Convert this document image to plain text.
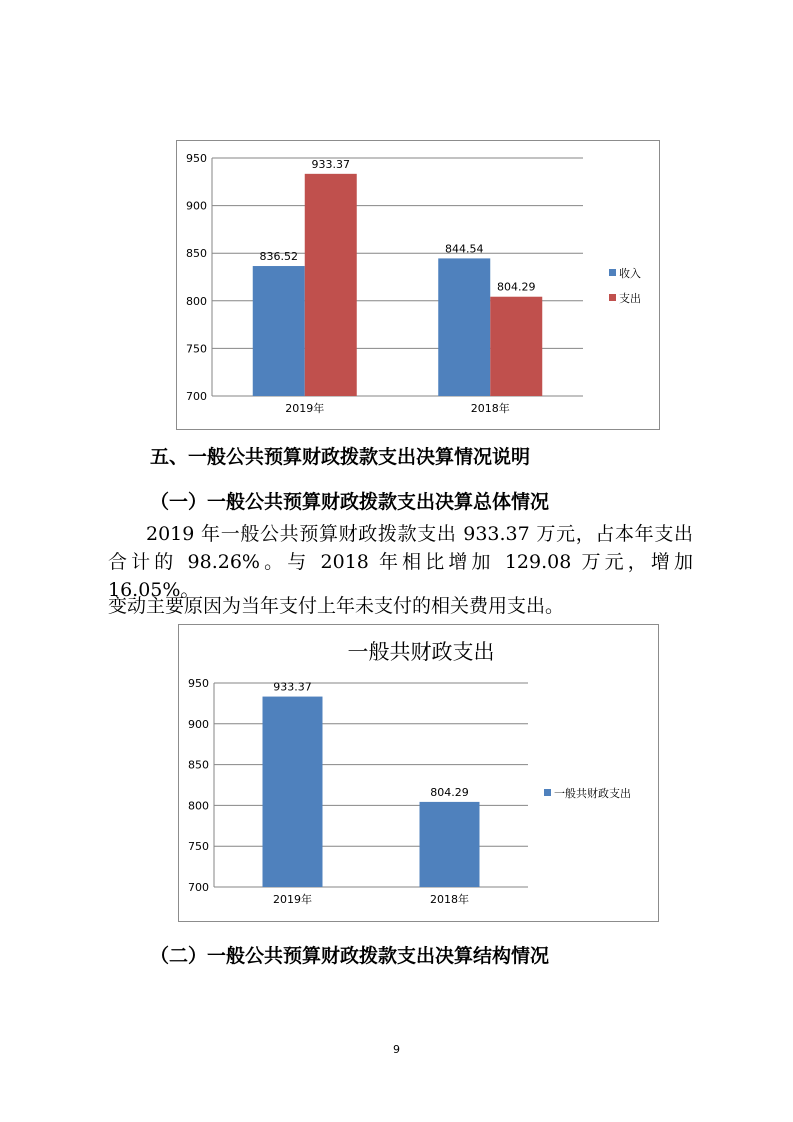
700
750
800
850
900
950
836.52
933.37
2019年
844.54
804.29
2018年
收入
支出
五、一般公共预算财政拨款支出决算情况说明
（一）一般公共预算财政拨款支出决算总体情况
2019 年一般公共预算财政拨款支出 933.37 万元，占本年支出合计的 98.26%。与 2018 年相比增加 129.08 万元，增加 16.05%。
变动主要原因为当年支付上年未支付的相关费用支出。
700
750
800
850
900
950	933.37
2019年
804.29
2018年
一般共财政支出
一般共财政支出
（二）一般公共预算财政拨款支出决算结构情况
9
